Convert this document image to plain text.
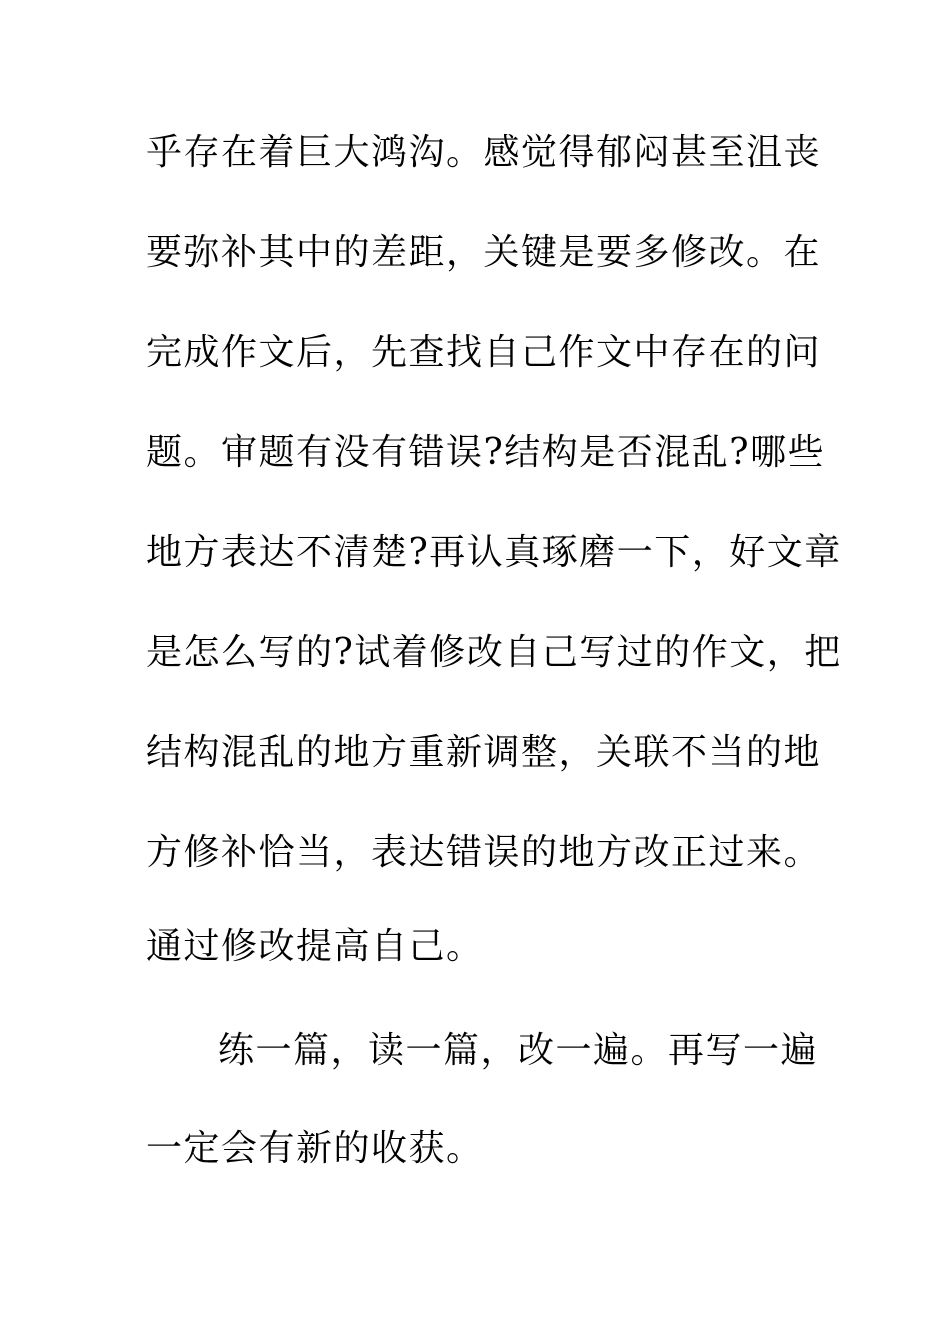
乎存在着巨大鸿沟。感觉得郁闷甚至沮丧
要弥补其中的差距，关键是要多修改。在
完成作文后，先查找自己作文中存在的问
题。审题有没有错误?结构是否混乱?哪些
地方表达不清楚?再认真琢磨一下，好文章
是怎么写的?试着修改自己写过的作文，把
结构混乱的地方重新调整，关联不当的地
方修补恰当，表达错误的地方改正过来。
通过修改提高自己。
练一篇，读一篇，改一遍。再写一遍
一定会有新的收获。
